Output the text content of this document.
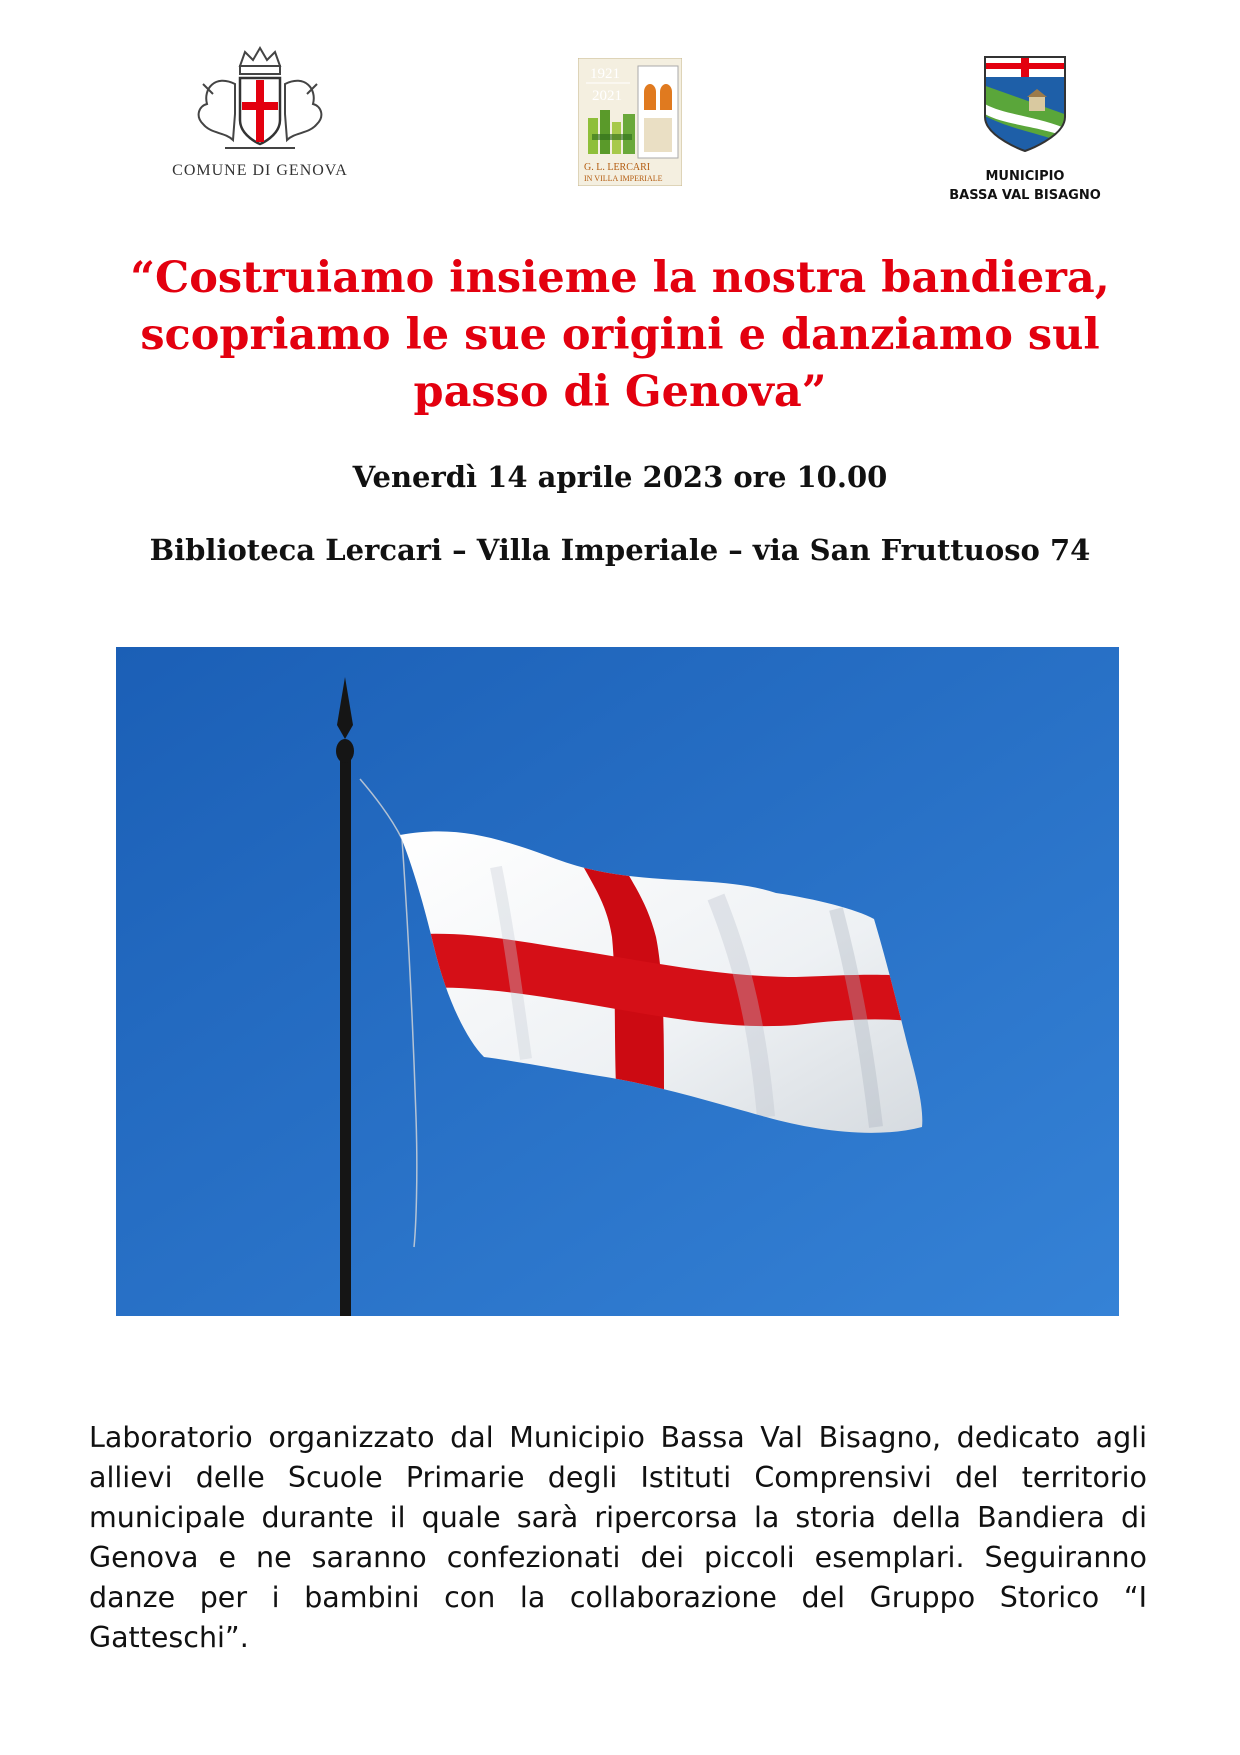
COMUNE DI GENOVA
1921
2021
G. L. LERCARI
IN VILLA IMPERIALE	MUNICIPIO
BASSA VAL BISAGNO
“Costruiamo insieme la nostra bandiera, scopriamo le sue origini e danziamo sul passo di Genova”
Venerdì 14 aprile 2023 ore 10.00
Biblioteca Lercari – Villa Imperiale – via San Fruttuoso 74

Laboratorio organizzato dal Municipio Bassa Val Bisagno, dedicato agli allievi delle Scuole Primarie degli Istituti Comprensivi del territorio municipale durante il quale sarà ripercorsa la storia della Bandiera di Genova e ne saranno confezionati dei piccoli esemplari. Seguiranno danze per i bambini con la collaborazione del Gruppo Storico “I Gatteschi”.
